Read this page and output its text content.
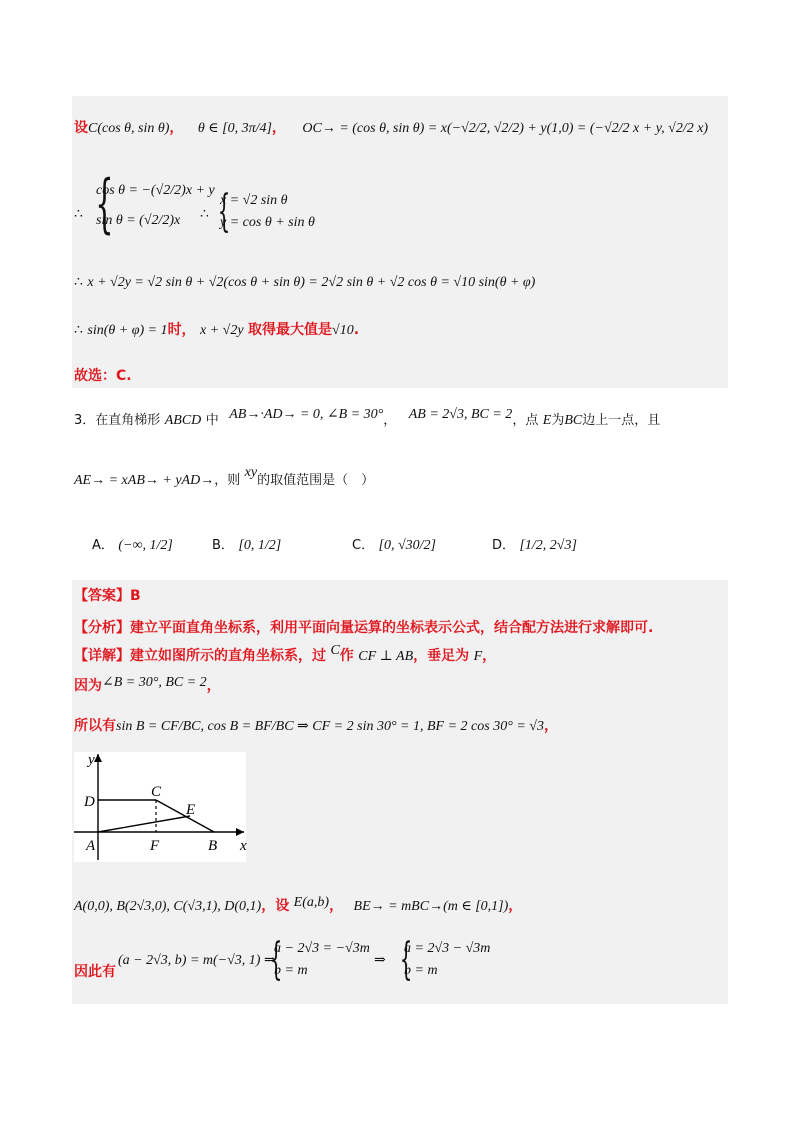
设C(cos θ, sin θ)， θ ∈ [0, 3π/4]， OC→ = (cos θ, sin θ) = x(−√2/2, √2/2) + y(1,0) = (−√2/2 x + y, √2/2 x)
∴ {
cos θ = −(√2/2)x + y
sin θ = (√2/2)x	∴ {
x = √2 sin θ
y = cos θ + sin θ
∴ x + √2y = √2 sin θ + √2(cos θ + sin θ) = 2√2 sin θ + √2 cos θ = √10 sin(θ + φ)
∴ sin(θ + φ) = 1时， x + √2y 取得最大值是√10.
故选：C.
3．在直角梯形 ABCD 中 AB→·AD→ = 0, ∠B = 30°， AB = 2√3, BC = 2，点 E为BC边上一点，且
AE→ = xAB→ + yAD→，则 xy的取值范围是（　）
A． (−∞, 1/2]	B． [0, 1/2]	C． [0, √30/2]	D． [1/2, 2√3]
【答案】B
【分析】建立平面直角坐标系，利用平面向量运算的坐标表示公式，结合配方法进行求解即可.
【详解】建立如图所示的直角坐标系，过 C作 CF ⊥ AB，垂足为 F，
因为∠B = 30°, BC = 2，
所以有sin B = CF/BC, cos B = BF/BC ⇒ CF = 2 sin 30° = 1, BF = 2 cos 30° = √3，
y
x
D
C
E
A	F	B
A(0,0), B(2√3,0), C(√3,1), D(0,1)，设 E(a,b)， BE→ = mBC→(m ∈ [0,1])，
因此有
(a − 2√3, b) = m(−√3, 1) ⇒
{
a − 2√3 = −√3m
b = m
⇒ {
a = 2√3 − √3m
b = m
